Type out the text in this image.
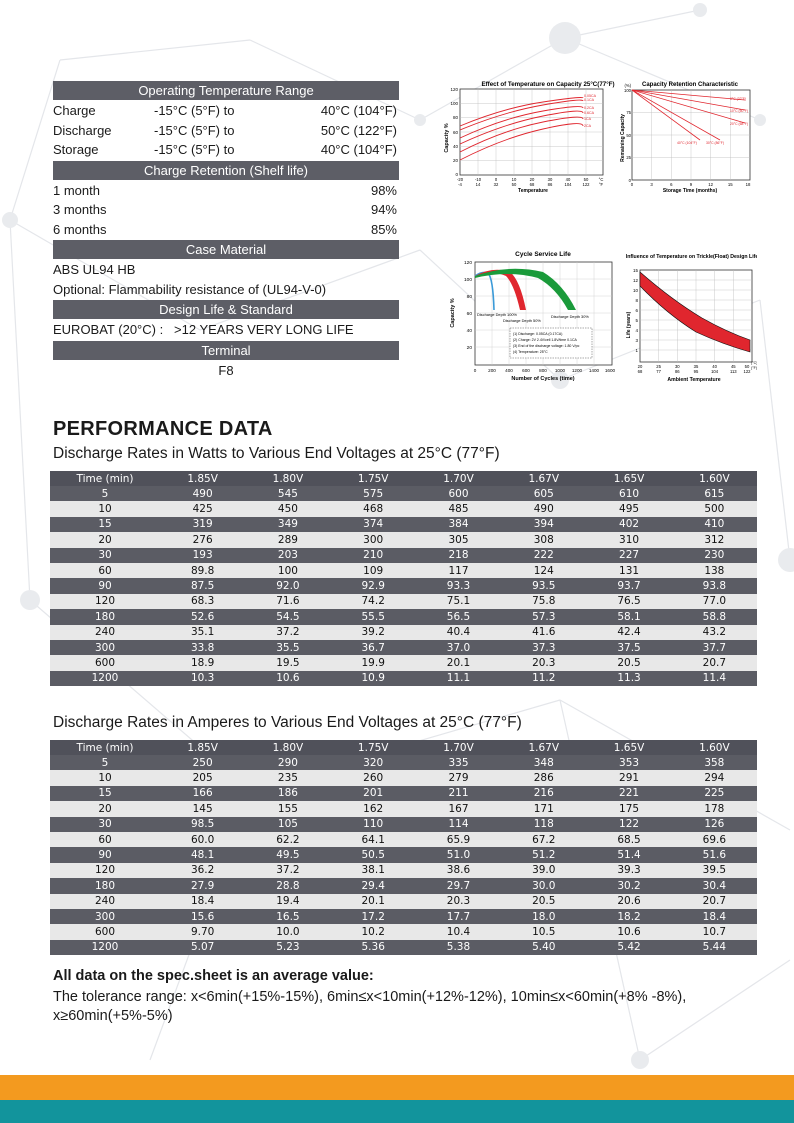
Operating Temperature Range
Charge	-15°C (5°F) to	40°C (104°F)
Discharge	-15°C (5°F) to	50°C (122°F)
Storage	-15°C (5°F) to	40°C (104°F)
Charge Retention (Shelf life)
1 month	98%
3 months	94%
6 months	85%
Case Material
ABS UL94 HB
Optional: Flammability resistance of (UL94-V-0)
Design Life & Standard
EUROBAT (20°C) :   >12 YEARS VERY LONG LIFE
Terminal
F8
Effect of Temperature on Capacity 25°C(77°F)
Capacity %
120
100
80
60
40
20
0
0.05CA
0.1CA
0.2CA
0.6CA
1CA
2CA
-20	-10	0	10	20	30	40	50 °C
-4	14	32	50	68	86	104	122 °F
Temperature
Capacity Retention Characteristic
Remaining Capacity
(%)
100
75
50
25
0
0°C (32°F)
10°C (50°F)
20°C (68°F)
40°C (104°F)	30°C (86°F)
0	3	6	9	12	15	18
Storage Time (months)
Cycle Service Life
Capacity %
120
100
80
60
40
20
Discharge Depth 100%
Discharge Depth 50%
Discharge Depth 30%
(1) Discharge: 0.05CA (0.17CA)
(2) Charge: 2V 2.4V/cell 1.8V/time 0.1CA
(3) End of the discharge voltage: 1.80 V/pc
(4) Temperature: 25°C
0	200 400 600 800 1000 1200 1400 1600
Number of Cycles (time)
Influence of Temperature on Trickle(Float) Design Life
Life (years)
15
12
10
8
6
5
4
3
1
20	25	30	35	40	45 50
68	77	86	95	104	113 122
(°C)
(°F)
Ambient Temperature
PERFORMANCE DATA
Discharge Rates in Watts to Various End Voltages at 25°C (77°F)
Time (min)	1.85V	1.80V	1.75V	1.70V	1.67V	1.65V	1.60V
5	490	545	575	600	605	610	615
10	425	450	468	485	490	495	500
15	319	349	374	384	394	402	410
20	276	289	300	305	308	310	312
30	193	203	210	218	222	227	230
60	89.8	100	109	117	124	131	138
90	87.5	92.0	92.9	93.3	93.5	93.7	93.8
120	68.3	71.6	74.2	75.1	75.8	76.5	77.0
180	52.6	54.5	55.5	56.5	57.3	58.1	58.8
240	35.1	37.2	39.2	40.4	41.6	42.4	43.2
300	33.8	35.5	36.7	37.0	37.3	37.5	37.7
600	18.9	19.5	19.9	20.1	20.3	20.5	20.7
1200	10.3	10.6	10.9	11.1	11.2	11.3	11.4
Discharge Rates in Amperes to Various End Voltages at 25°C (77°F)
Time (min)	1.85V	1.80V	1.75V	1.70V	1.67V	1.65V	1.60V
5	250	290	320	335	348	353	358
10	205	235	260	279	286	291	294
15	166	186	201	211	216	221	225
20	145	155	162	167	171	175	178
30	98.5	105	110	114	118	122	126
60	60.0	62.2	64.1	65.9	67.2	68.5	69.6
90	48.1	49.5	50.5	51.0	51.2	51.4	51.6
120	36.2	37.2	38.1	38.6	39.0	39.3	39.5
180	27.9	28.8	29.4	29.7	30.0	30.2	30.4
240	18.4	19.4	20.1	20.3	20.5	20.6	20.7
300	15.6	16.5	17.2	17.7	18.0	18.2	18.4
600	9.70	10.0	10.2	10.4	10.5	10.6	10.7
1200	5.07	5.23	5.36	5.38	5.40	5.42	5.44
All data on the spec.sheet is an average value:
The tolerance range: x<6min(+15%-15%), 6min≤x<10min(+12%-12%), 10min≤x<60min(+8% -8%), x≥60min(+5%-5%)
